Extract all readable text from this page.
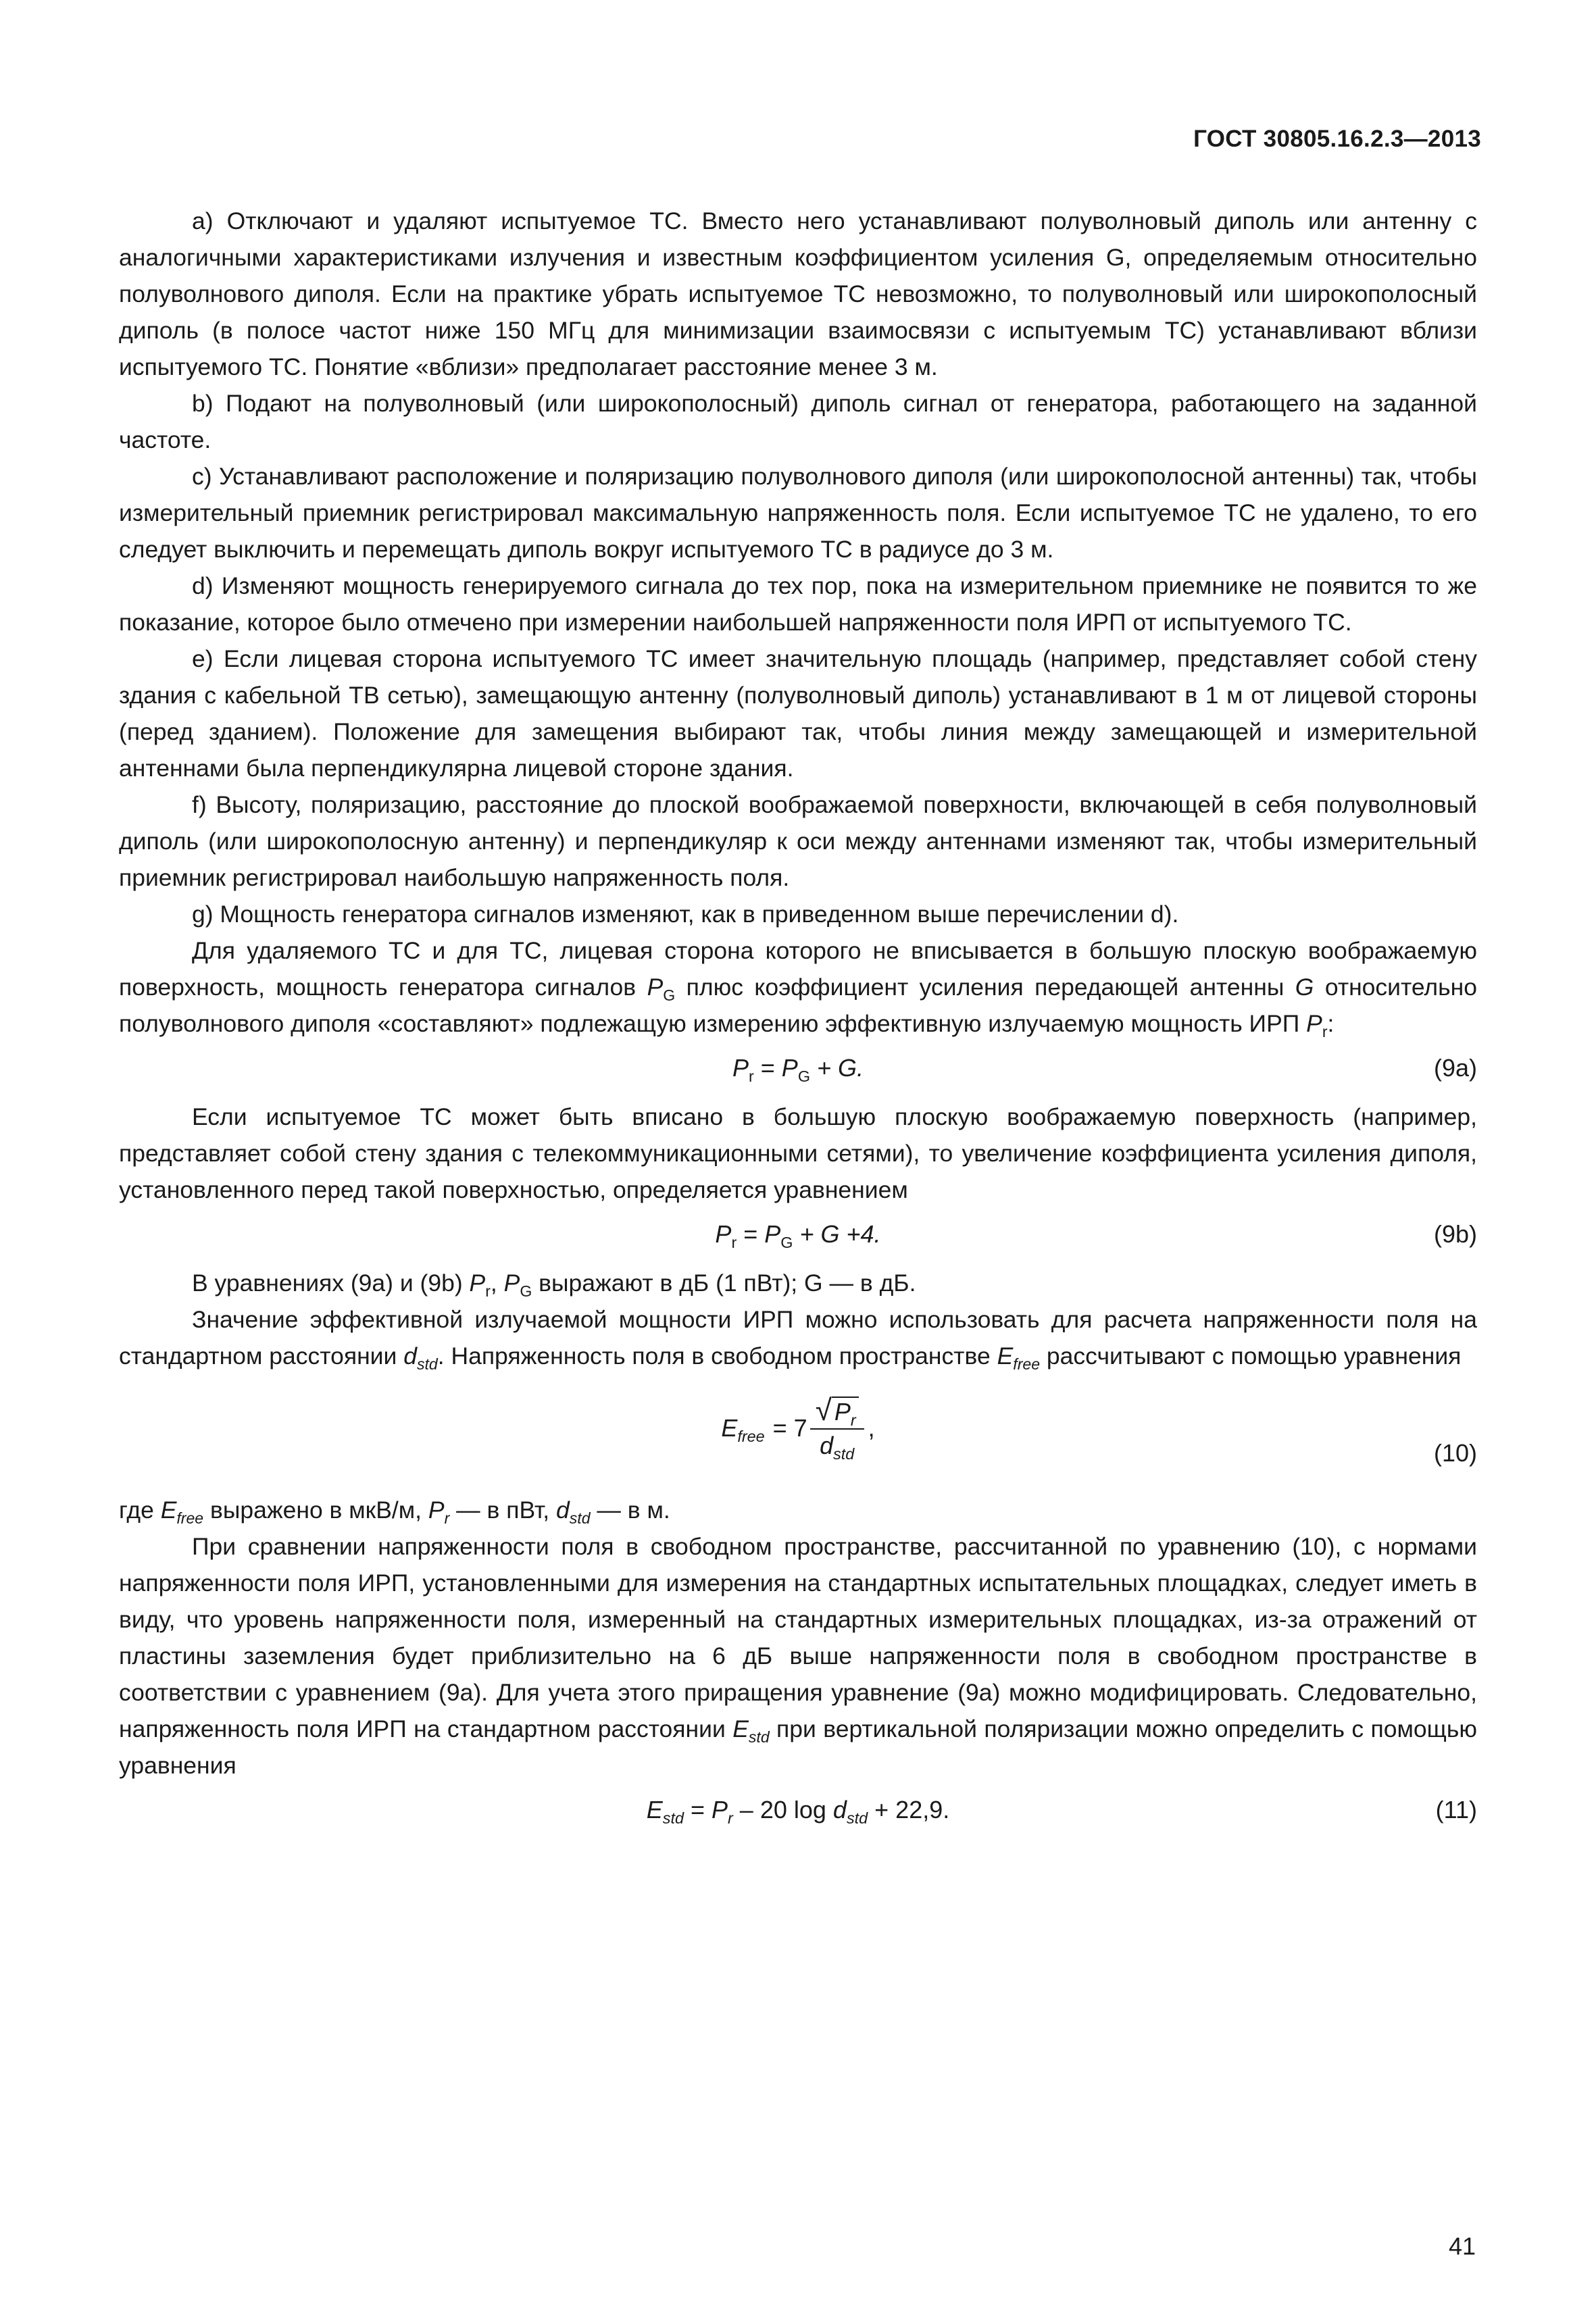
ГОСТ 30805.16.2.3—2013

a) Отключают и удаляют испытуемое ТС. Вместо него устанавливают полуволновый диполь или антенну с аналогичными характеристиками излучения и известным коэффициентом усиления G, определяемым относительно полуволнового диполя. Если на практике убрать испытуемое ТС невозможно, то полуволновый или широкополосный диполь (в полосе частот ниже 150 МГц для минимизации взаимосвязи с испытуемым ТС) устанавливают вблизи испытуемого ТС. Понятие «вблизи» предполагает расстояние менее 3 м.

b) Подают на полуволновый (или широкополосный) диполь сигнал от генератора, работающего на заданной частоте.

c) Устанавливают расположение и поляризацию полуволнового диполя (или широкополосной антенны) так, чтобы измерительный приемник регистрировал максимальную напряженность поля. Если испытуемое ТС не удалено, то его следует выключить и перемещать диполь вокруг испытуемого ТС в радиусе до 3 м.

d) Изменяют мощность генерируемого сигнала до тех пор, пока на измерительном приемнике не появится то же показание, которое было отмечено при измерении наибольшей напряженности поля ИРП от испытуемого ТС.

e) Если лицевая сторона испытуемого ТС имеет значительную площадь (например, представляет собой стену здания с кабельной ТВ сетью), замещающую антенну (полуволновый диполь) устанавливают в 1 м от лицевой стороны (перед зданием). Положение для замещения выбирают так, чтобы линия между замещающей и измерительной антеннами была перпендикулярна лицевой стороне здания.

f) Высоту, поляризацию, расстояние до плоской воображаемой поверхности, включающей в себя полуволновый диполь (или широкополосную антенну) и перпендикуляр к оси между антеннами изменяют так, чтобы измерительный приемник регистрировал наибольшую напряженность поля.

g) Мощность генератора сигналов изменяют, как в приведенном выше перечислении d).

Для удаляемого ТС и для ТС, лицевая сторона которого не вписывается в большую плоскую воображаемую поверхность, мощность генератора сигналов $P_G$ плюс коэффициент усиления передающей антенны G относительно полуволнового диполя «составляют» подлежащую измерению эффективную излучаемую мощность ИРП $P_r$:

$P_r = P_G + G$.	(9a)

Если испытуемое ТС может быть вписано в большую плоскую воображаемую поверхность (например, представляет собой стену здания с телекоммуникационными сетями), то увеличение коэффициента усиления диполя, установленного перед такой поверхностью, определяется уравнением

$P_r = P_G + G +4$.	(9b)

В уравнениях (9a) и (9b) $P_r$, $P_G$ выражают в дБ (1 пВт); G — в дБ.

Значение эффективной излучаемой мощности ИРП можно использовать для расчета напряженности поля на стандартном расстоянии $d_{std}$. Напряженность поля в свободном пространстве $E_{free}$ рассчитывают с помощью уравнения

$E_{free} = 7 \frac{√ P_r}{d_{std}}$ ,
(10)

где $E_{free}$ выражено в мкВ/м, $P_r$ — в пВт, $d_{std}$ — в м.

При сравнении напряженности поля в свободном пространстве, рассчитанной по уравнению (10), с нормами напряженности поля ИРП, установленными для измерения на стандартных испытательных площадках, следует иметь в виду, что уровень напряженности поля, измеренный на стандартных измерительных площадках, из-за отражений от пластины заземления будет приблизительно на 6 дБ выше напряженности поля в свободном пространстве в соответствии с уравнением (9a). Для учета этого приращения уравнение (9a) можно модифицировать. Следовательно, напряженность поля ИРП на стандартном расстоянии $E_{std}$ при вертикальной поляризации можно определить с помощью уравнения

$E_{std} = P_r - 20$ $\log d_{std} + 22,9$.	(11)
41
